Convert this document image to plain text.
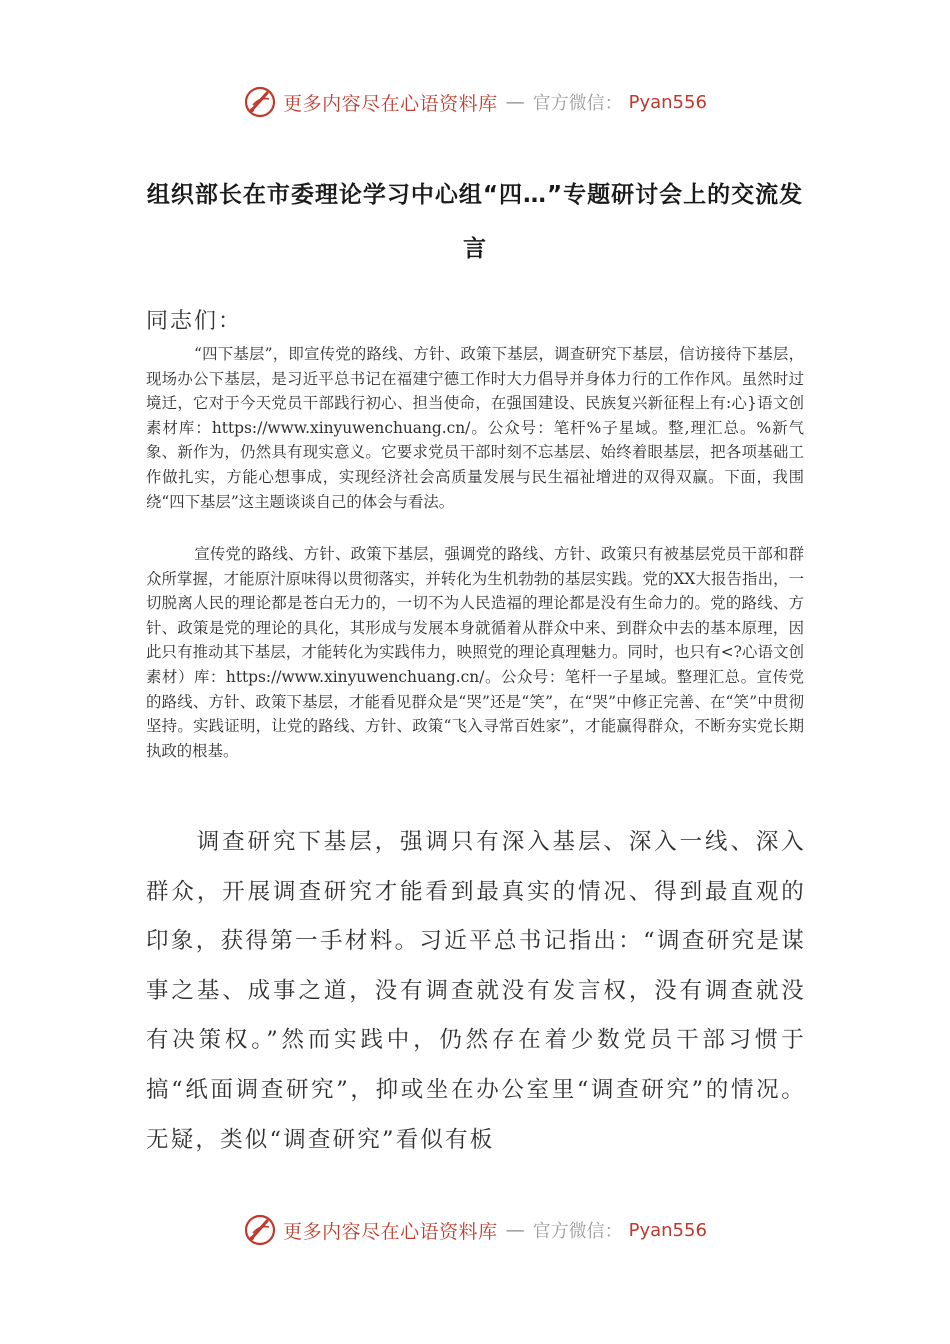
更多内容尽在心语资料库 — 官方微信： Pyan556
组织部长在市委理论学习中心组“四…”专题研讨会上的交流发言
同志们：

“四下基层”，即宣传党的路线、方针、政策下基层，调查研究下基层，信访接待下基层，现场办公下基层，是习近平总书记在福建宁德工作时大力倡导并身体力行的工作作风。虽然时过境迁，它对于今天党员干部践行初心、担当使命，在强国建设、民族复兴新征程上有:心}语文创素材库：https://www.xinyuwenchuang.cn/。公众号：笔杆%子星域。整,理汇总。%新气象、新作为，仍然具有现实意义。它要求党员干部时刻不忘基层、始终着眼基层，把各项基础工作做扎实，方能心想事成，实现经济社会高质量发展与民生福祉增进的双得双赢。下面，我围绕“四下基层”这主题谈谈自己的体会与看法。

宣传党的路线、方针、政策下基层，强调党的路线、方针、政策只有被基层党员干部和群众所掌握，才能原汁原味得以贯彻落实，并转化为生机勃勃的基层实践。党的XX大报告指出，一切脱离人民的理论都是苍白无力的，一切不为人民造福的理论都是没有生命力的。党的路线、方针、政策是党的理论的具化，其形成与发展本身就循着从群众中来、到群众中去的基本原理，因此只有推动其下基层，才能转化为实践伟力，映照党的理论真理魅力。同时，也只有<?心语文创素材）库：https://www.xinyuwenchuang.cn/。公众号：笔杆一子星域。整理汇总。宣传党的路线、方针、政策下基层，才能看见群众是“哭”还是“笑”，在“哭”中修正完善、在“笑”中贯彻坚持。实践证明，让党的路线、方针、政策“飞入寻常百姓家”，才能赢得群众，不断夯实党长期执政的根基。

调查研究下基层，强调只有深入基层、深入一线、深入群众，开展调查研究才能看到最真实的情况、得到最直观的印象，获得第一手材料。习近平总书记指出：“调查研究是谋事之基、成事之道，没有调查就没有发言权，没有调查就没有决策权。”然而实践中，仍然存在着少数党员干部习惯于搞“纸面调查研究”，抑或坐在办公室里“调查研究”的情况。无疑，类似“调查研究”看似有板

更多内容尽在心语资料库 — 官方微信： Pyan556
